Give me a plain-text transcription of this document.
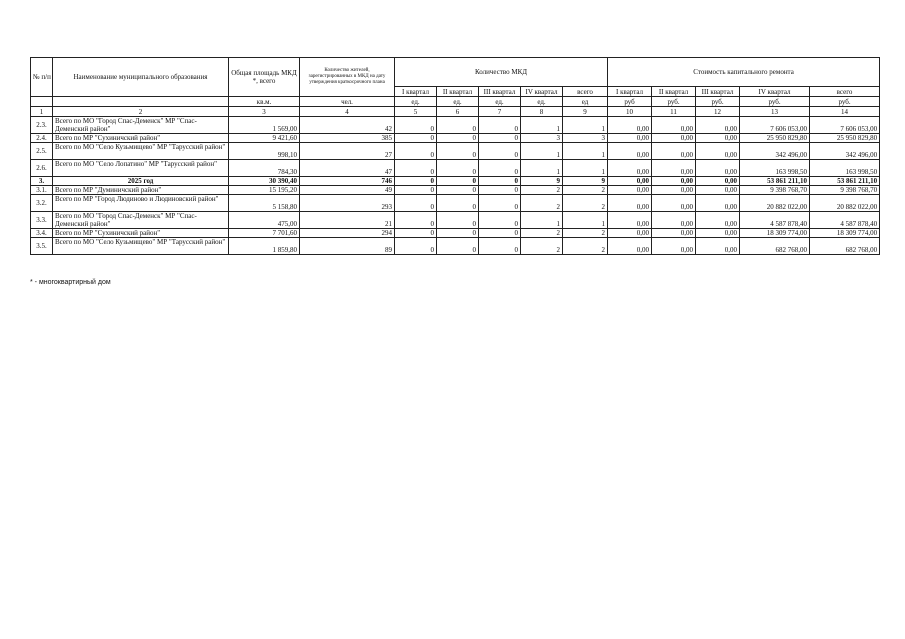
№ п/п	Наименование муниципального образования	Общая площадь МКД *, всего	Количество жителей, зарегистрированных в МКД на дату утверждения краткосрочного плана	Количество МКД					Стоимость капитального ремонта				
				I квартал	II квартал	III квартал	IV квартал	всего	I квартал	II квартал	III квартал	IV квартал	всего
		кв.м.	чел.	ед.	ед.	ед.	ед.	ед	руб	руб.	руб.	руб.	руб.
1	2	3	4	5	6	7	8	9	10	11	12	13	14
2.3.	Всего по МО "Город Спас-Деменск" МР "Спас-Деменский район"	1 569,00	42	0	0	0	1	1	0,00	0,00	0,00	7 606 053,00	7 606 053,00
2.4.	Всего по МР "Сухиничский район"	9 421,60	385	0	0	0	3	3	0,00	0,00	0,00	25 950 829,80	25 950 829,80
2.5.	Всего по МО "Село Кузьмищево" МР "Тарусский район"	998,10	27	0	0	0	1	1	0,00	0,00	0,00	342 496,00	342 496,00
2.6.	Всего по МО "Село Лопатино" МР "Тарусский район"	784,30	47	0	0	0	1	1	0,00	0,00	0,00	163 998,50	163 998,50
3.	2025 год	30 390,40	746	0	0	0	9	9	0,00	0,00	0,00	53 861 211,10	53 861 211,10
3.1.	Всего по МР "Думиничский район"	15 195,20	49	0	0	0	2	2	0,00	0,00	0,00	9 398 768,70	9 398 768,70
3.2.	Всего по МР "Город Людиново и Людиновский район"	5 158,80	293	0	0	0	2	2	0,00	0,00	0,00	20 882 022,00	20 882 022,00
3.3.	Всего по МО "Город Спас-Деменск" МР "Спас-Деменский район"	475,00	21	0	0	0	1	1	0,00	0,00	0,00	4 587 878,40	4 587 878,40
3.4.	Всего по МР "Сухиничский район"	7 701,60	294	0	0	0	2	2	0,00	0,00	0,00	18 309 774,00	18 309 774,00
3.5.	Всего по МО "Село Кузьмищево" МР "Тарусский район"	1 859,80	89	0	0	0	2	2	0,00	0,00	0,00	682 768,00	682 768,00
* - многоквартирный дом
